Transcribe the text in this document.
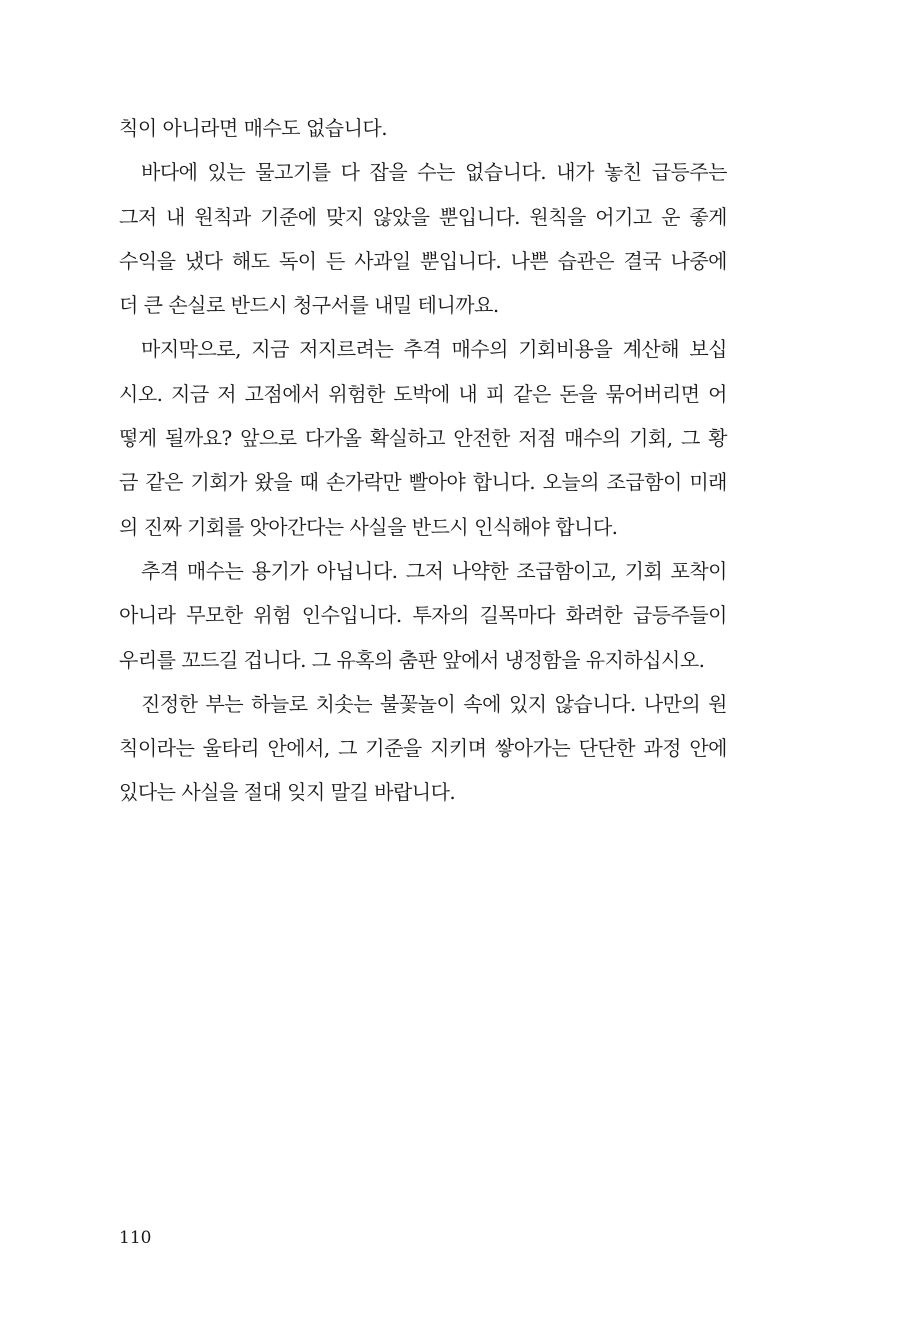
칙이 아니라면 매수도 없습니다.
바다에 있는 물고기를 다 잡을 수는 없습니다. 내가 놓친 급등주는
그저 내 원칙과 기준에 맞지 않았을 뿐입니다. 원칙을 어기고 운 좋게
수익을 냈다 해도 독이 든 사과일 뿐입니다. 나쁜 습관은 결국 나중에
더 큰 손실로 반드시 청구서를 내밀 테니까요.
마지막으로, 지금 저지르려는 추격 매수의 기회비용을 계산해 보십
시오. 지금 저 고점에서 위험한 도박에 내 피 같은 돈을 묶어버리면 어
떻게 될까요? 앞으로 다가올 확실하고 안전한 저점 매수의 기회, 그 황
금 같은 기회가 왔을 때 손가락만 빨아야 합니다. 오늘의 조급함이 미래
의 진짜 기회를 앗아간다는 사실을 반드시 인식해야 합니다.
추격 매수는 용기가 아닙니다. 그저 나약한 조급함이고, 기회 포착이
아니라 무모한 위험 인수입니다. 투자의 길목마다 화려한 급등주들이
우리를 꼬드길 겁니다. 그 유혹의 춤판 앞에서 냉정함을 유지하십시오.
진정한 부는 하늘로 치솟는 불꽃놀이 속에 있지 않습니다. 나만의 원
칙이라는 울타리 안에서, 그 기준을 지키며 쌓아가는 단단한 과정 안에
있다는 사실을 절대 잊지 말길 바랍니다.
110
